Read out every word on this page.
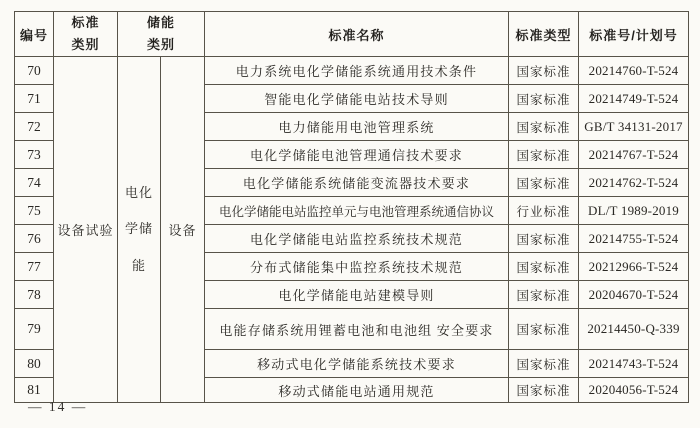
编号	标准类别	储能类别		标准名称	标准类型	标准号/计划号
70	设备试验	电化学储能	设备	电力系统电化学储能系统通用技术条件	国家标准	20214760-T-524
71				智能电化学储能电站技术导则	国家标准	20214749-T-524
72				电力储能用电池管理系统	国家标准	GB/T 34131-2017
73				电化学储能电池管理通信技术要求	国家标准	20214767-T-524
74				电化学储能系统储能变流器技术要求	国家标准	20214762-T-524
75				电化学储能电站监控单元与电池管理系统通信协议	行业标准	DL/T 1989-2019
76				电化学储能电站监控系统技术规范	国家标准	20214755-T-524
77				分布式储能集中监控系统技术规范	国家标准	20212966-T-524
78				电化学储能电站建模导则	国家标准	20204670-T-524
79				电能存储系统用锂蓄电池和电池组 安全要求	国家标准	20214450-Q-339
80				移动式电化学储能系统技术要求	国家标准	20214743-T-524
81				移动式储能电站通用规范	国家标准	20204056-T-524
— 14 —
